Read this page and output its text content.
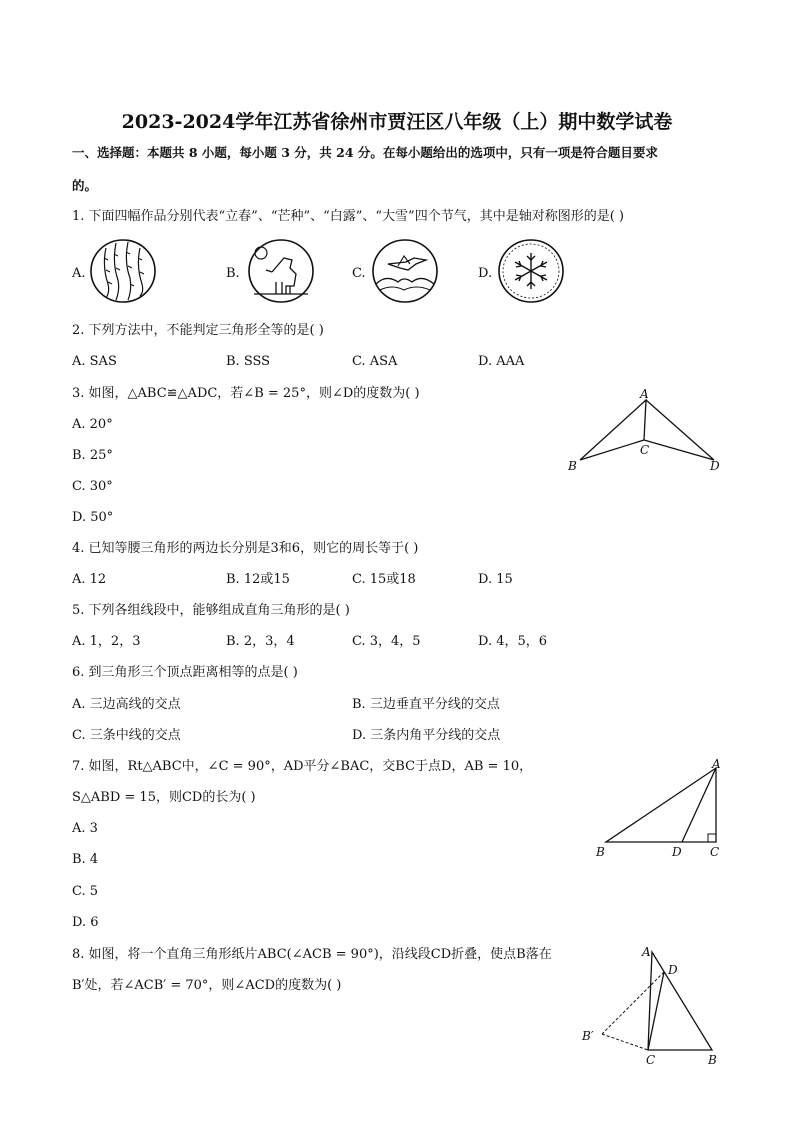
2023-2024学年江苏省徐州市贾汪区八年级（上）期中数学试卷
一、选择题：本题共 8 小题，每小题 3 分，共 24 分。在每小题给出的选项中，只有一项是符合题目要求
的。
1. 下面四幅作品分别代表“立春”、“芒种”、“白露”、“大雪”四个节气，其中是轴对称图形的是( )
A.	B.	C.	D.
2. 下列方法中，不能判定三角形全等的是( )
A. SAS	B. SSS	C. ASA	D. AAA
3. 如图，△ABC≌△ADC，若∠B = 25°，则∠D的度数为( )
A. 20°
B. 25°
C. 30°
D. 50°
A
B
C
D
4. 已知等腰三角形的两边长分别是3和6，则它的周长等于( )
A. 12	B. 12或15	C. 15或18	D. 15
5. 下列各组线段中，能够组成直角三角形的是( )
A. 1，2，3	B. 2，3，4	C. 3，4，5	D. 4，5，6
6. 到三角形三个顶点距离相等的点是( )
A. 三边高线的交点	B. 三边垂直平分线的交点
C. 三条中线的交点	D. 三条内角平分线的交点
7. 如图，Rt△ABC中，∠C = 90°，AD平分∠BAC，交BC于点D，AB = 10，
S△ABD = 15，则CD的长为( )
A. 3
B. 4
C. 5
D. 6
A
B	D C
8. 如图，将一个直角三角形纸片ABC(∠ACB = 90°)，沿线段CD折叠，使点B落在
B′处，若∠ACB′ = 70°，则∠ACD的度数为( )
A
D
B′
C	B
